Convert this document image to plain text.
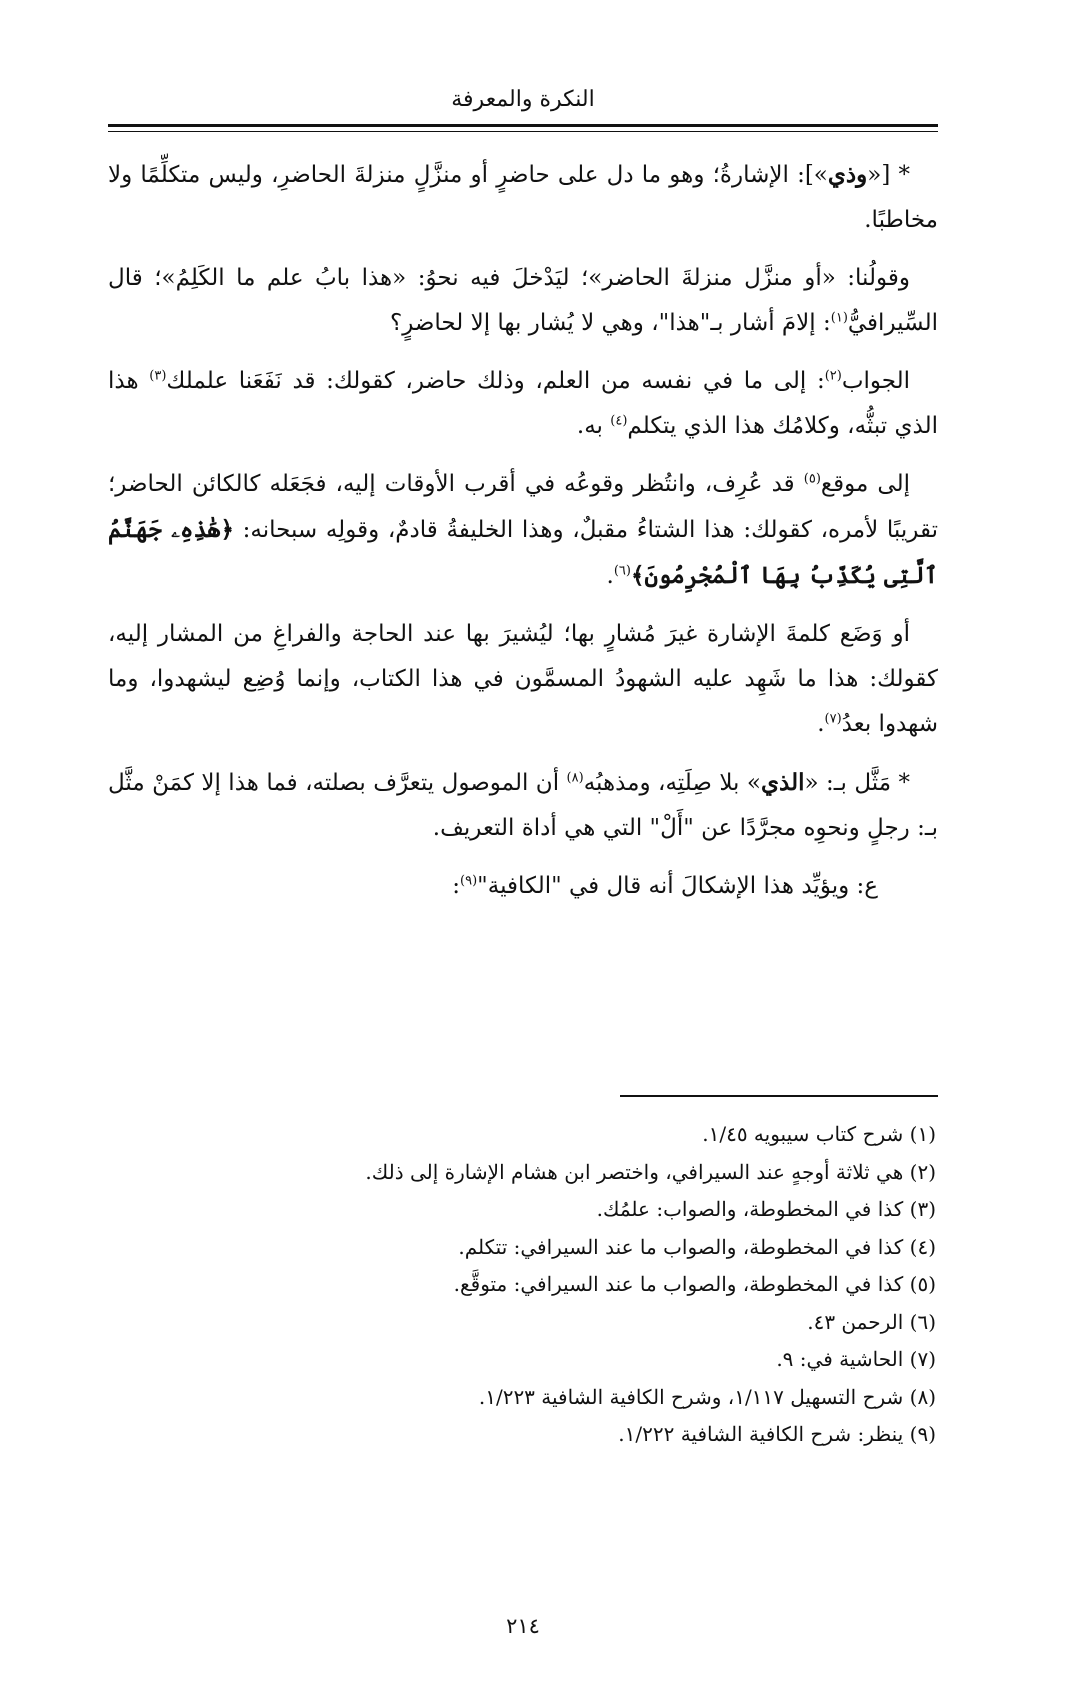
النكرة والمعرفة

* [«وذي»]: الإشارةُ؛ وهو ما دل على حاضرٍ أو منزَّلٍ منزلةَ الحاضرِ، وليس متكلِّمًا ولا مخاطبًا.

وقولُنا: «أو منزَّل منزلةَ الحاضر»؛ ليَدْخلَ فيه نحوُ: «هذا بابُ علم ما الكَلِمُ»؛ قال السِّيرافيُّ$^{(١)}$: إلامَ أشار بـ"هذا"، وهي لا يُشار بها إلا لحاضرٍ؟

الجواب$^{(٢)}$: إلى ما في نفسه من العلم، وذلك حاضر، كقولك: قد نَفَعَنا علملك$^{(٣)}$ هذا الذي تبثُّه، وكلامُك هذا الذي يتكلم$^{(٤)}$ به.

إلى موقع$^{(٥)}$ قد عُرِف، وانتُظر وقوعُه في أقرب الأوقات إليه، فجَعَله كالكائن الحاضر؛ تقريبًا لأمره، كقولك: هذا الشتاءُ مقبلٌ، وهذا الخليفةُ قادمٌ، وقولِه سبحانه: ﴿هَٰذِهِۦ جَهَنَّمُ ٱلَّتِى يُكَذِّبُ بِهَا ٱلْمُجْرِمُونَ﴾$^{(٦)}$.

أو وَضَع كلمةَ الإشارة غيرَ مُشارٍ بها؛ ليُشيرَ بها عند الحاجة والفراغِ من المشار إليه، كقولك: هذا ما شَهِد عليه الشهودُ المسمَّون في هذا الكتاب، وإنما وُضِع ليشهدوا، وما شهدوا بعدُ$^{(٧)}$.

* مَثَّل بـ: «الذي» بلا صِلَتِه، ومذهبُه$^{(٨)}$ أن الموصول يتعرَّف بصلته، فما هذا إلا كمَنْ مثَّل بـ: رجلٍ ونحوِه مجرَّدًا عن "أَلْ" التي هي أداة التعريف.

ع: ويؤيِّد هذا الإشكالَ أنه قال في "الكافية"$^{(٩)}$:

(١) شرح كتاب سيبويه ١/٤٥.
(٢) هي ثلاثة أوجهٍ عند السيرافي، واختصر ابن هشام الإشارة إلى ذلك.
(٣) كذا في المخطوطة، والصواب: علمُك.
(٤) كذا في المخطوطة، والصواب ما عند السيرافي: تتكلم.
(٥) كذا في المخطوطة، والصواب ما عند السيرافي: متوقَّع.
(٦) الرحمن ٤٣.
(٧) الحاشية في: ٩.
(٨) شرح التسهيل ١/١١٧، وشرح الكافية الشافية ١/٢٢٣.
(٩) ينظر: شرح الكافية الشافية ١/٢٢٢.
٢١٤
